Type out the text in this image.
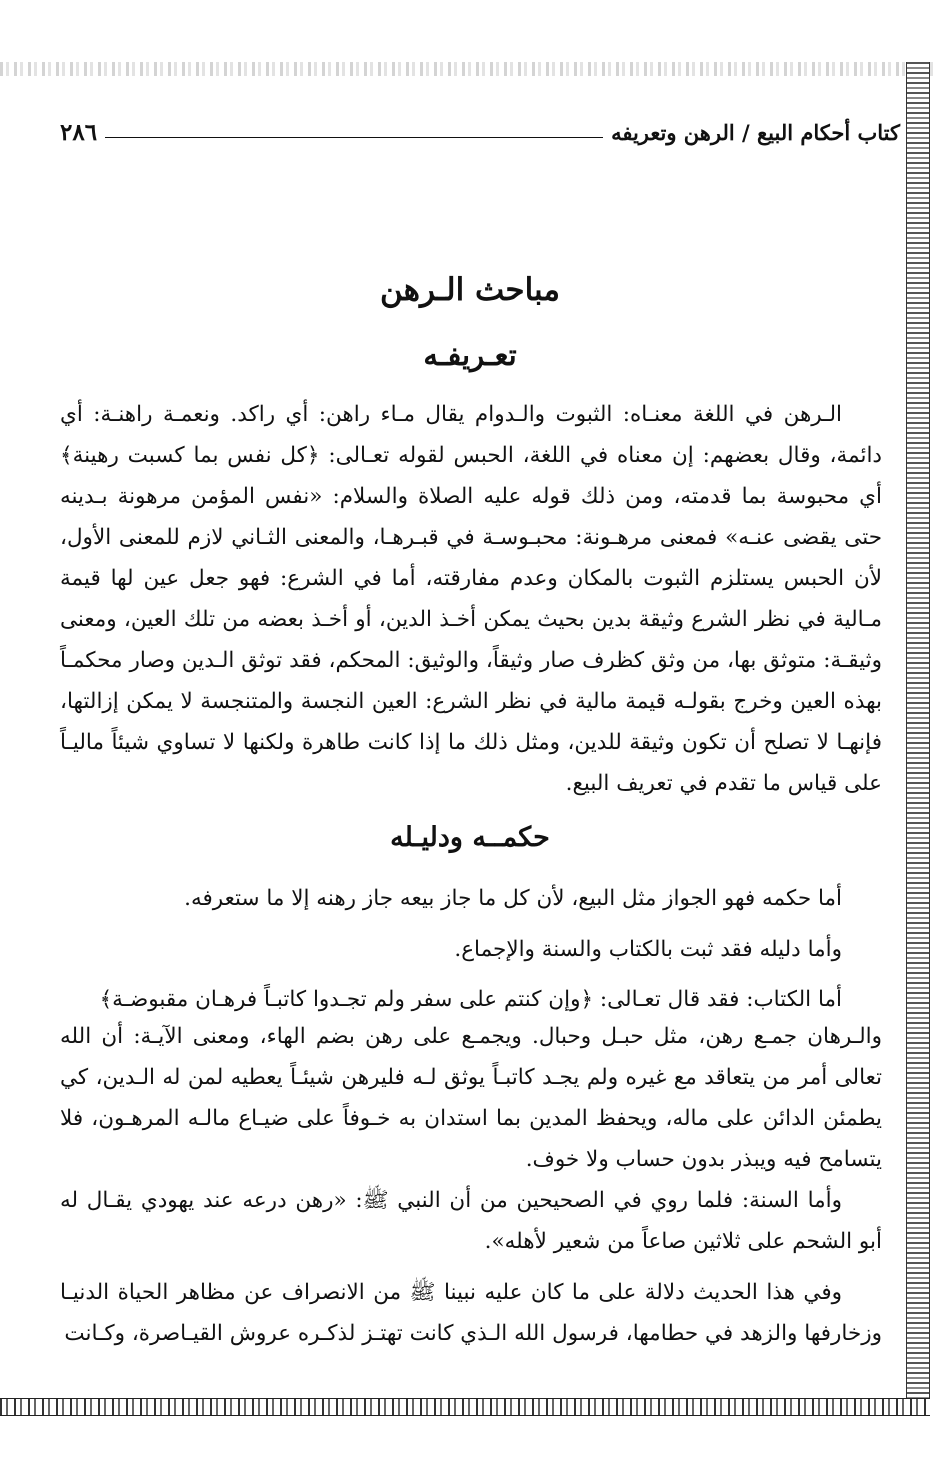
كتاب أحكام البيع / الرهن وتعريفه
٢٨٦
مباحث الـرهن
تعـريفـه

الـرهن في اللغة معنـاه: الثبوت والـدوام يقال مـاء راهن: أي راكد. ونعمـة راهنـة: أي دائمة، وقال بعضهم: إن معناه في اللغة، الحبس لقوله تعـالى: ﴿كل نفس بما كسبت رهينة﴾ أي محبوسة بما قدمته، ومن ذلك قوله عليه الصلاة والسلام: «نفس المؤمن مرهونة بـدينه حتى يقضى عنـه» فمعنى مرهـونة: محبـوسـة في قبـرهـا، والمعنى الثـاني لازم للمعنى الأول، لأن الحبس يستلزم الثبوت بالمكان وعدم مفارقته، أما في الشرع: فهو جعل عين لها قيمة مـالية في نظر الشرع وثيقة بدين بحيث يمكن أخـذ الدين، أو أخـذ بعضه من تلك العين، ومعنى وثيقـة: متوثق بها، من وثق كظرف صار وثيقاً، والوثيق: المحكم، فقد توثق الـدين وصار محكمـاً بهذه العين وخرج بقولـه قيمة مالية في نظر الشرع: العين النجسة والمتنجسة لا يمكن إزالتها، فإنهـا لا تصلح أن تكون وثيقة للدين، ومثل ذلك ما إذا كانت طاهرة ولكنها لا تساوي شيئاً ماليـاً على قياس ما تقدم في تعريف البيع.

حكمــه ودليـله

أما حكمه فهو الجواز مثل البيع، لأن كل ما جاز بيعه جاز رهنه إلا ما ستعرفه.

وأما دليله فقد ثبت بالكتاب والسنة والإجماع.

أما الكتاب: فقد قال تعـالى: ﴿وإن كنتم على سفر ولم تجـدوا كاتبـاً فرهـان مقبوضـة﴾

والـرهان جمـع رهن، مثل حبـل وحبال. ويجمـع على رهن بضم الهاء، ومعنى الآيـة: أن الله تعالى أمر من يتعاقد مع غيره ولم يجـد كاتبـاً يوثق لـه فليرهن شيئـاً يعطيه لمن له الـدين، كي يطمئن الدائن على ماله، ويحفظ المدين بما استدان به خـوفاً على ضيـاع مالـه المرهـون، فلا يتسامح فيه ويبذر بدون حساب ولا خوف.

وأما السنة: فلما روي في الصحيحين من أن النبي ﷺ: «رهن درعه عند يهودي يقـال له أبو الشحم على ثلاثين صاعاً من شعير لأهله».

وفي هذا الحديث دلالة على ما كان عليه نبينا ﷺ من الانصراف عن مظاهر الحياة الدنيـا وزخارفها والزهد في حطامها، فرسول الله الـذي كانت تهتـز لذكـره عروش القيـاصرة، وكـانت
